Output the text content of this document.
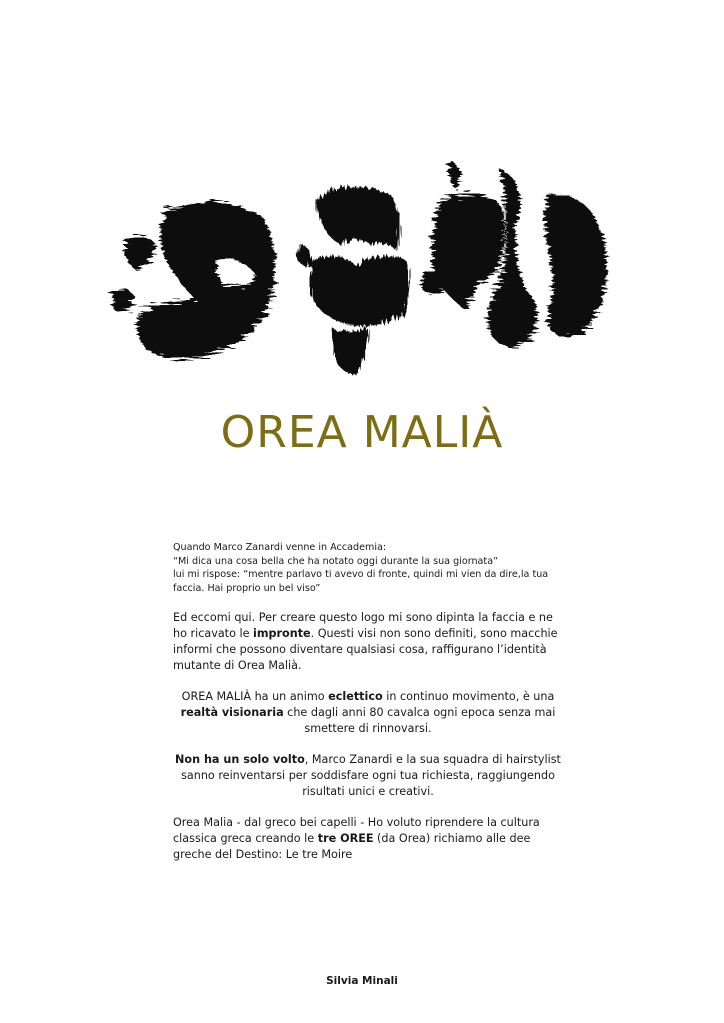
OREA MALIÀ

Quando Marco Zanardi venne in Accademia:
“Mi dica una cosa bella che ha notato oggi durante la sua giornata”
lui mi rispose: “mentre parlavo ti avevo di fronte, quindi mi vien da dire,la tua faccia. Hai proprio un bel viso”

Ed eccomi qui. Per creare questo logo mi sono dipinta la faccia e ne ho ricavato le impronte. Questi visi non sono definiti, sono macchie informi che possono diventare qualsiasi cosa, raffigurano l’identità mutante di Orea Malià.

OREA MALIÀ ha un animo eclettico in continuo movimento, è una realtà visionaria che dagli anni 80 cavalca ogni epoca senza mai smettere di rinnovarsi.

Non ha un solo volto, Marco Zanardi e la sua squadra di hairstylist sanno reinventarsi per soddisfare ogni tua richiesta, raggiungendo risultati unici e creativi.

Orea Malia - dal greco bei capelli - Ho voluto riprendere la cultura classica greca creando le tre OREE (da Orea) richiamo alle dee greche del Destino: Le tre Moire

Silvia Minali
